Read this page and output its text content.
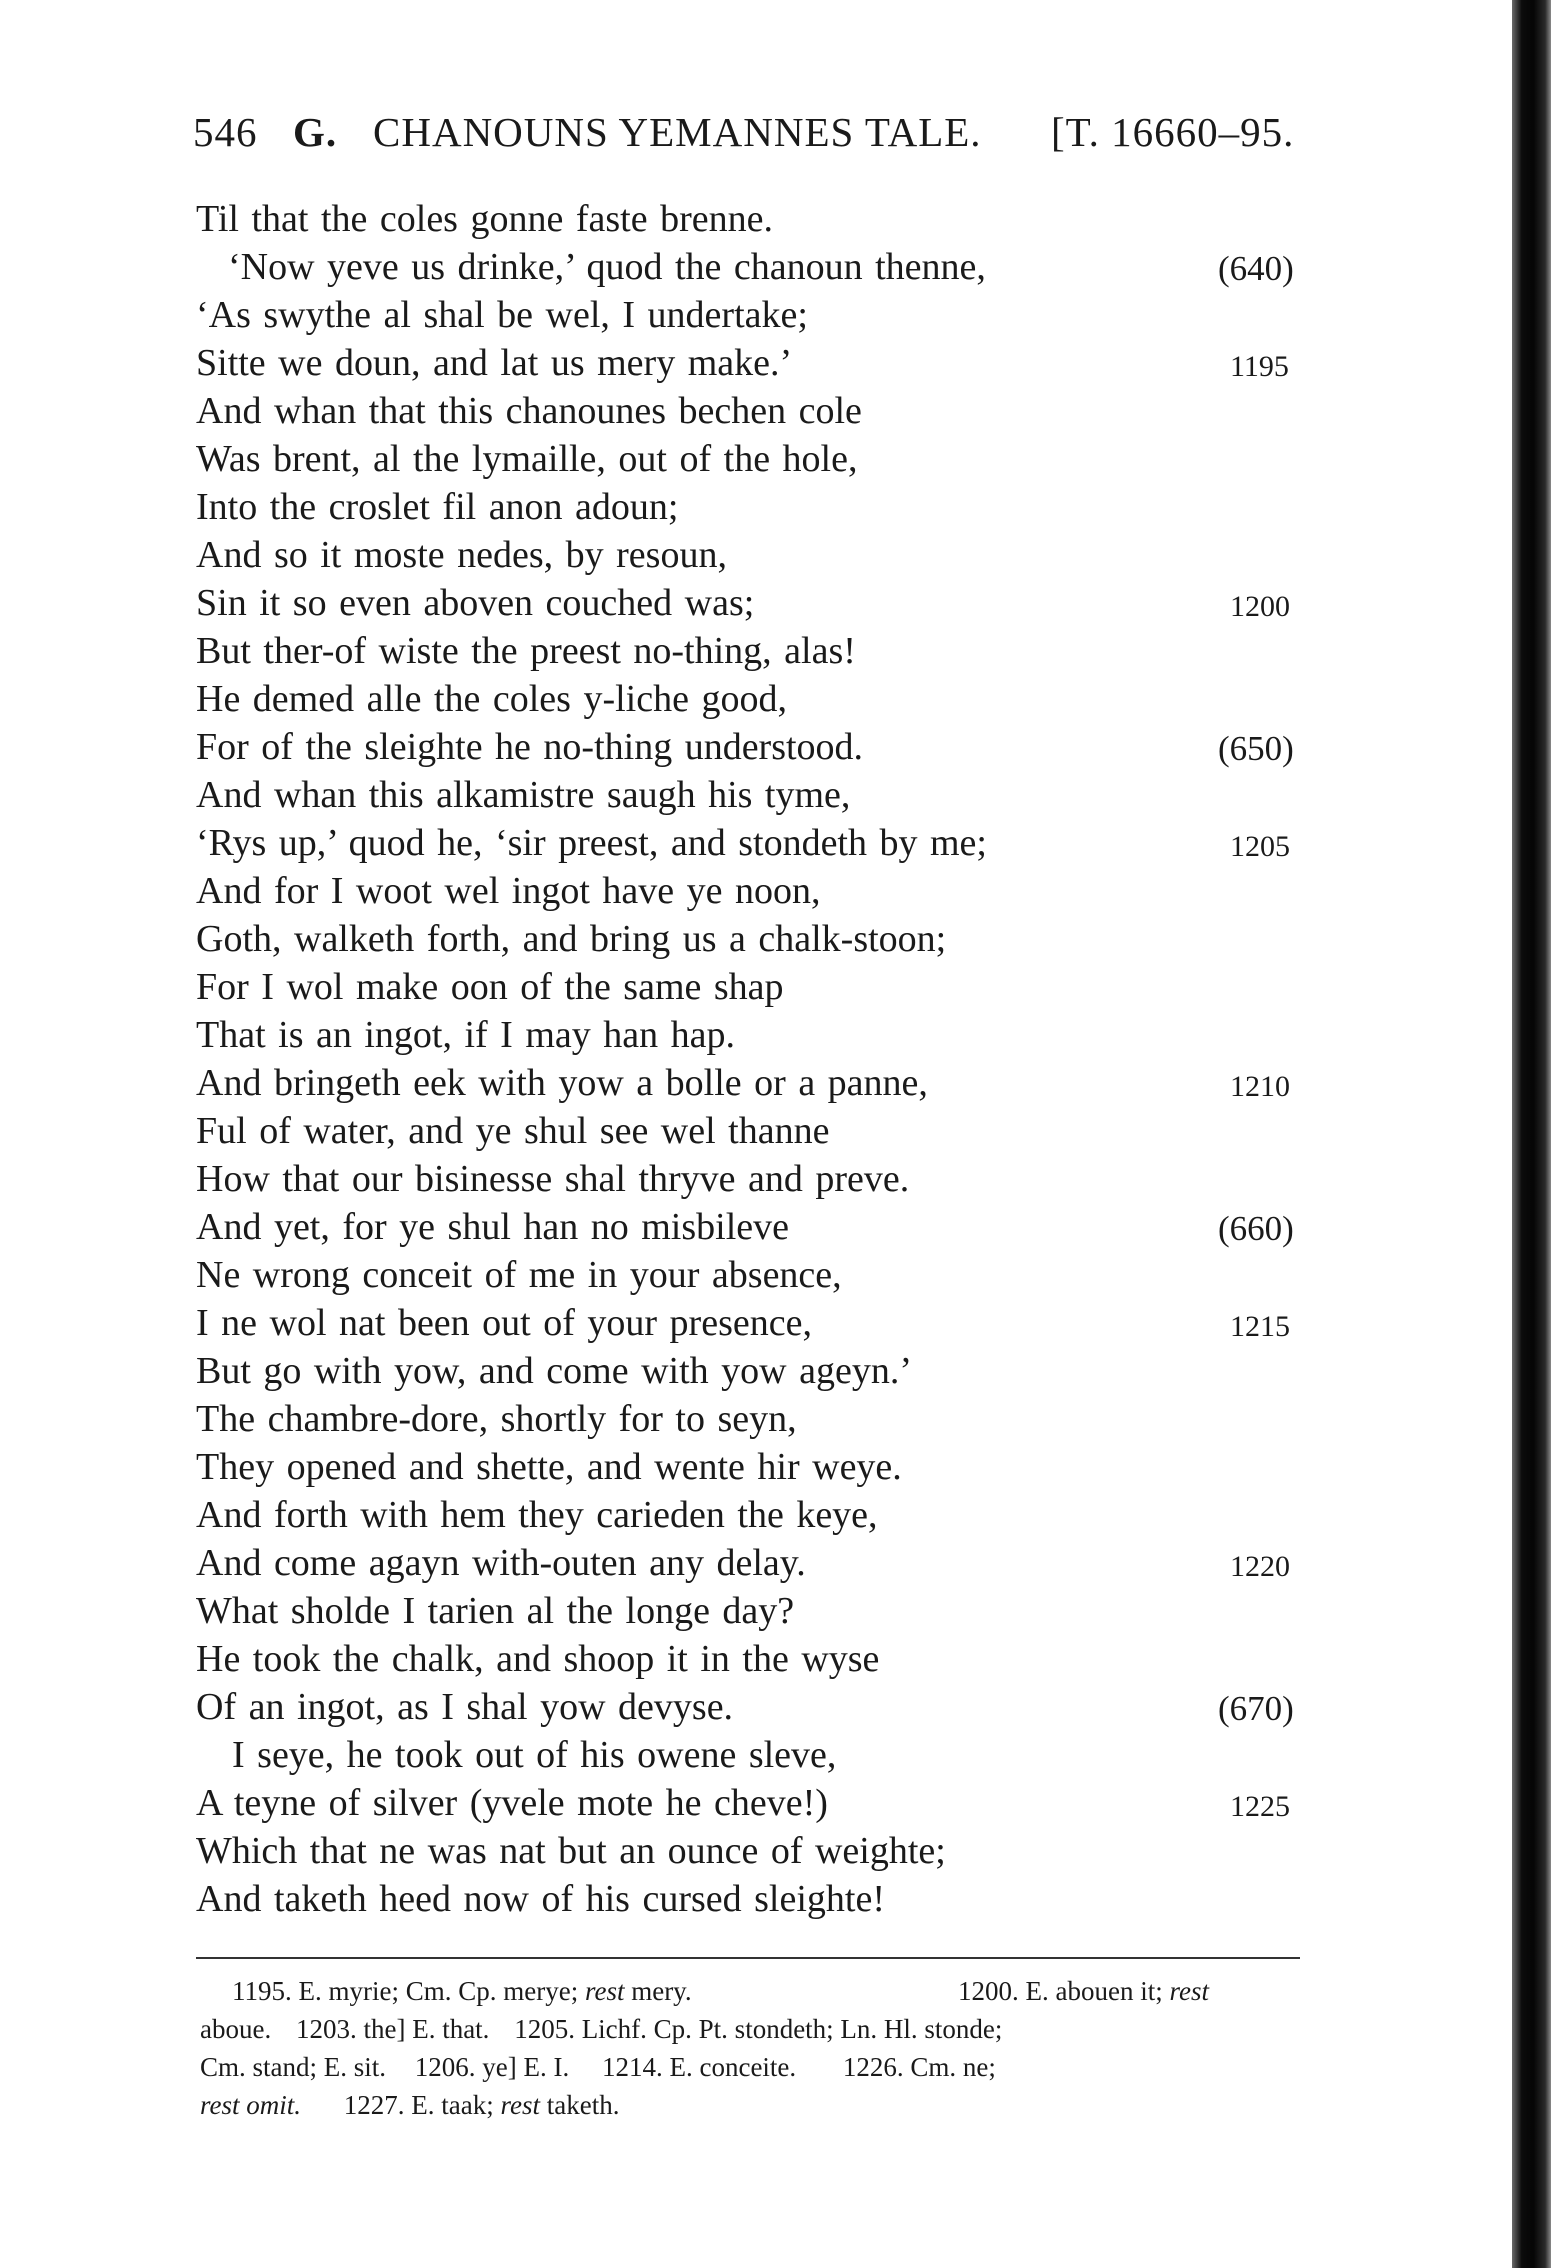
546 G. CHANOUNS YEMANNES TALE. [T. 16660–95.
Til that the coles gonne faste brenne.
‘Now yeve us drinke,’ quod the chanoun thenne,
‘As swythe al shal be wel, I undertake;
Sitte we doun, and lat us mery make.’
And whan that this chanounes bechen cole
Was brent, al the lymaille, out of the hole,
Into the croslet fil anon adoun;
And so it moste nedes, by resoun,
Sin it so even aboven couched was;
But ther-of wiste the preest no-thing, alas!
He demed alle the coles y-liche good,
For of the sleighte he no-thing understood.
And whan this alkamistre saugh his tyme,
‘Rys up,’ quod he, ‘sir preest, and stondeth by me;
And for I woot wel ingot have ye noon,
Goth, walketh forth, and bring us a chalk-stoon;
For I wol make oon of the same shap
That is an ingot, if I may han hap.
And bringeth eek with yow a bolle or a panne,
Ful of water, and ye shul see wel thanne
How that our bisinesse shal thryve and preve.
And yet, for ye shul han no misbileve
Ne wrong conceit of me in your absence,
I ne wol nat been out of your presence,
But go with yow, and come with yow ageyn.’
The chambre-dore, shortly for to seyn,
They opened and shette, and wente hir weye.
And forth with hem they carieden the keye,
And come agayn with-outen any delay.
What sholde I tarien al the longe day?
He took the chalk, and shoop it in the wyse
Of an ingot, as I shal yow devyse.
I seye, he took out of his owene sleve,
A teyne of silver (yvele mote he cheve!)
Which that ne was nat but an ounce of weighte;
And taketh heed now of his cursed sleighte!
(640)
1195
1200
(650)
1205
1210
(660)
1215
1220
(670)
1225
1195. E. myrie; Cm. Cp. merye; rest mery.	1200. E. abouen it; rest
aboue. 1203. the] E. that. 1205. Lichf. Cp. Pt. stondeth; Ln. Hl. stonde;
Cm. stand; E. sit. 1206. ye] E. I. 1214. E. conceite. 1226. Cm. ne;
rest omit. 1227. E. taak; rest taketh.
